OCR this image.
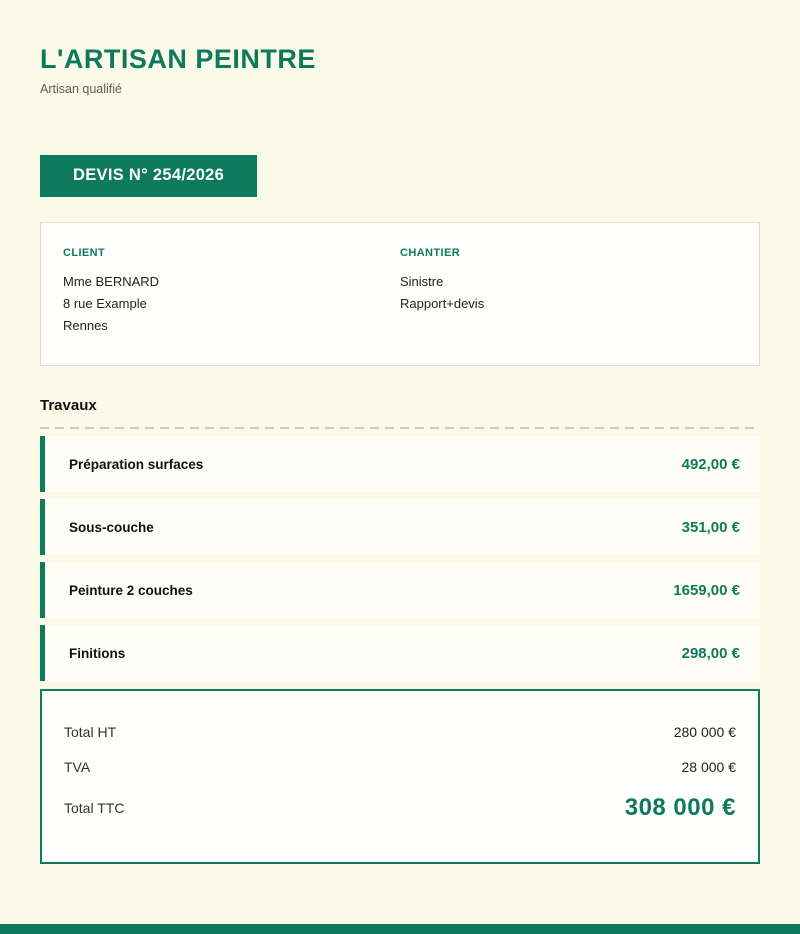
L'ARTISAN PEINTRE
Artisan qualifié
DEVIS N° 254/2026
CLIENT
Mme BERNARD
8 rue Example
Rennes
CHANTIER
Sinistre
Rapport+devis
Travaux
Préparation surfaces	492,00 €
Sous-couche	351,00 €
Peinture 2 couches	1659,00 €
Finitions	298,00 €
Total HT	280 000 €
TVA	28 000 €
Total TTC	308 000 €
